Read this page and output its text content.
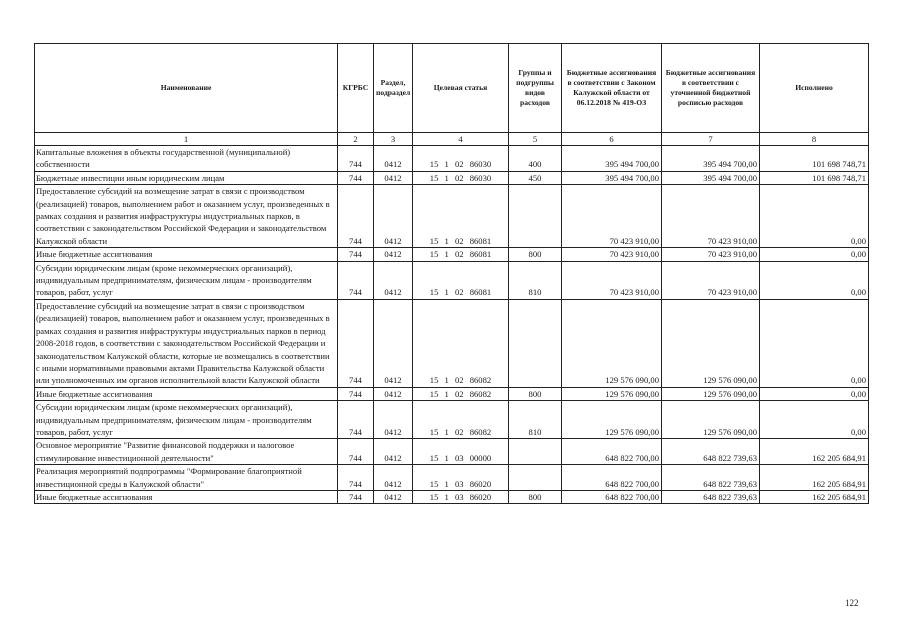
Наименование	КГРБС	Раздел, подраздел	Целевая статья	Группы и подгруппы видов расходов	Бюджетные ассигнования в соответствии с Законом Калужской области от 06.12.2018 № 419-ОЗ	Бюджетные ассигнования в соответствии с уточненной бюджетной росписью расходов	Исполнено
1	2	3	4	5	6	7	8
Капитальные вложения в объекты государственной (муниципальной) собственности	744	0412	15 1 02 86030	400	395 494 700,00	395 494 700,00	101 698 748,71
Бюджетные инвестиции иным юридическим лицам	744	0412	15 1 02 86030	450	395 494 700,00	395 494 700,00	101 698 748,71
Предоставление субсидий на возмещение затрат в связи с производством (реализацией) товаров, выполнением работ и оказанием услуг, произведенных в рамках создания и развития инфраструктуры индустриальных парков, в соответствии с законодательством Российской Федерации и законодательством Калужской области	744	0412	15 1 02 86081		70 423 910,00	70 423 910,00	0,00
Иные бюджетные ассигнования	744	0412	15 1 02 86081	800	70 423 910,00	70 423 910,00	0,00
Субсидии юридическим лицам (кроме некоммерческих организаций), индивидуальным предпринимателям, физическим лицам - производителям товаров, работ, услуг	744	0412	15 1 02 86081	810	70 423 910,00	70 423 910,00	0,00
Предоставление субсидий на возмещение затрат в связи с производством (реализацией) товаров, выполнением работ и оказанием услуг, произведенных в рамках создания и развития инфраструктуры индустриальных парков в период 2008-2018 годов, в соответствии с законодательством Российской Федерации и законодательством Калужской области, которые не возмещались в соответствии с иными нормативными правовыми актами Правительства Калужской области или уполномоченных им органов исполнительной власти Калужской области	744	0412	15 1 02 86082		129 576 090,00	129 576 090,00	0,00
Иные бюджетные ассигнования	744	0412	15 1 02 86082	800	129 576 090,00	129 576 090,00	0,00
Субсидии юридическим лицам (кроме некоммерческих организаций), индивидуальным предпринимателям, физическим лицам - производителям товаров, работ, услуг	744	0412	15 1 02 86082	810	129 576 090,00	129 576 090,00	0,00
Основное мероприятие "Развитие финансовой поддержки и налоговое стимулирование инвестиционной деятельности"	744	0412	15 1 03 00000		648 822 700,00	648 822 739,63	162 205 684,91
Реализация мероприятий подпрограммы "Формирование благоприятной инвестиционной среды в Калужской области"	744	0412	15 1 03 86020		648 822 700,00	648 822 739,63	162 205 684,91
Иные бюджетные ассигнования	744	0412	15 1 03 86020	800	648 822 700,00	648 822 739,63	162 205 684,91
122
